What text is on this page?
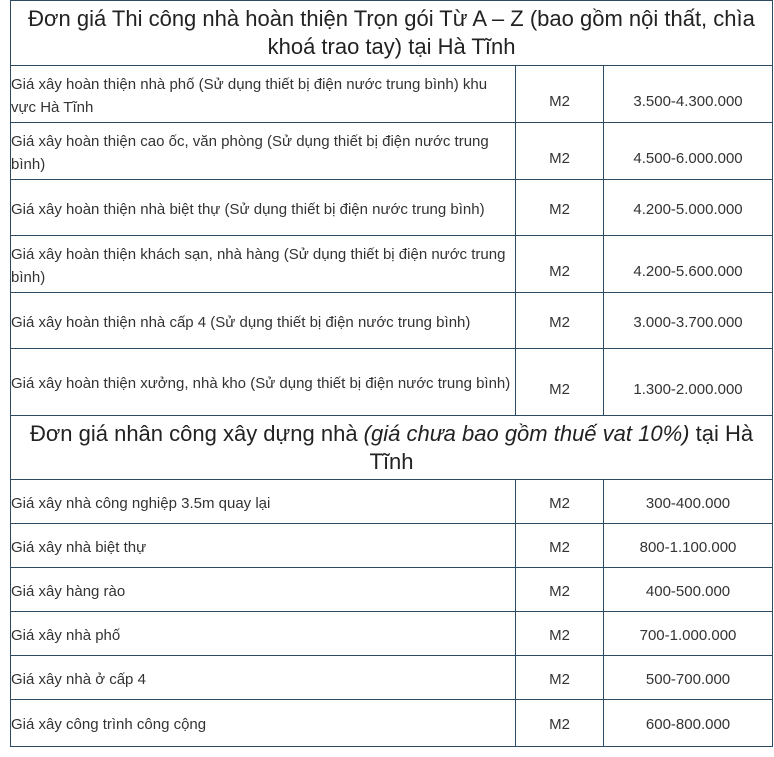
Đơn giá Thi công nhà hoàn thiện Trọn gói Từ A – Z (bao gồm nội thất, chìa khoá trao tay) tại Hà Tĩnh		
Giá xây hoàn thiện nhà phố (Sử dụng thiết bị điện nước trung bình) khu vực Hà Tĩnh	M2	3.500-4.300.000
Giá xây hoàn thiện cao ốc, văn phòng (Sử dụng thiết bị điện nước trung bình)	M2	4.500-6.000.000
Giá xây hoàn thiện nhà biệt thự (Sử dụng thiết bị điện nước trung bình)	M2	4.200-5.000.000
Giá xây hoàn thiện khách sạn, nhà hàng (Sử dụng thiết bị điện nước trung bình)	M2	4.200-5.600.000
Giá xây hoàn thiện nhà cấp 4 (Sử dụng thiết bị điện nước trung bình)	M2	3.000-3.700.000
Giá xây hoàn thiện xưởng, nhà kho (Sử dụng thiết bị điện nước trung bình)	M2	1.300-2.000.000
Đơn giá nhân công xây dựng nhà (giá chưa bao gồm thuế vat 10%) tại Hà Tĩnh		
Giá xây nhà công nghiệp 3.5m quay lại	M2	300-400.000
Giá xây nhà biệt thự	M2	800-1.100.000
Giá xây hàng rào	M2	400-500.000
Giá xây nhà phố	M2	700-1.000.000
Giá xây nhà ở cấp 4	M2	500-700.000
Giá xây công trình công cộng	M2	600-800.000
